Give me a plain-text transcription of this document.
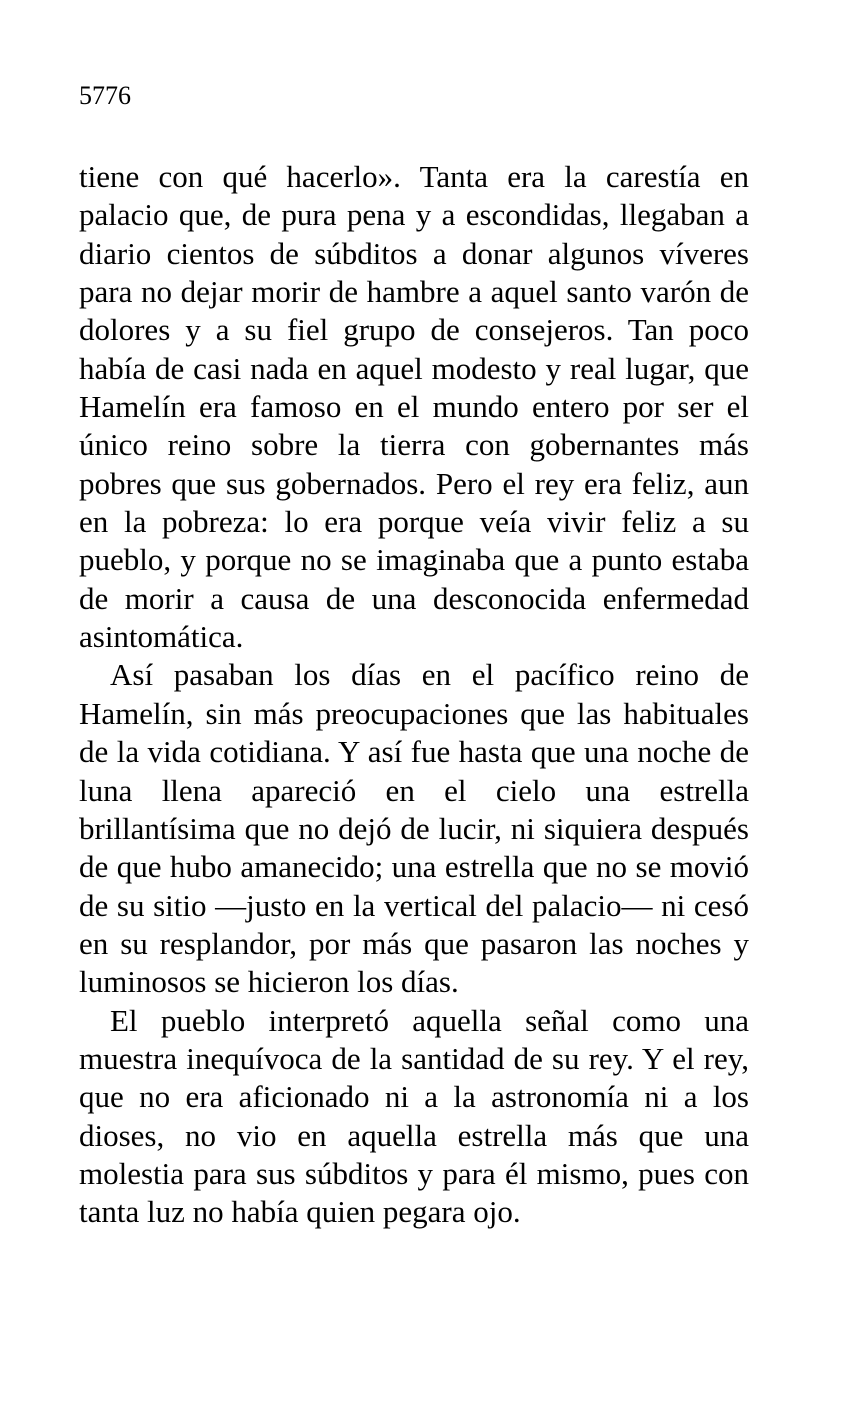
5776

tiene con qué hacerlo». Tanta era la carestía en palacio que, de pura pena y a escondidas, llegaban a diario cientos de súbditos a donar algunos víveres para no dejar morir de hambre a aquel santo varón de dolores y a su fiel grupo de consejeros. Tan poco había de casi nada en aquel modesto y real lugar, que Hamelín era famoso en el mundo entero por ser el único reino sobre la tierra con gobernantes más pobres que sus gobernados. Pero el rey era feliz, aun en la pobreza: lo era porque veía vivir feliz a su pueblo, y porque no se imaginaba que a punto estaba de morir a causa de una desconocida enfermedad asintomática.

Así pasaban los días en el pacífico reino de Hamelín, sin más preocupaciones que las habituales de la vida cotidiana. Y así fue hasta que una noche de luna llena apareció en el cielo una estrella brillantísima que no dejó de lucir, ni siquiera después de que hubo amanecido; una estrella que no se movió de su sitio —justo en la vertical del palacio— ni cesó en su resplandor, por más que pasaron las noches y luminosos se hicieron los días.

El pueblo interpretó aquella señal como una muestra inequívoca de la santidad de su rey. Y el rey, que no era aficionado ni a la astronomía ni a los dioses, no vio en aquella estrella más que una molestia para sus súbditos y para él mismo, pues con tanta luz no había quien pegara ojo.
